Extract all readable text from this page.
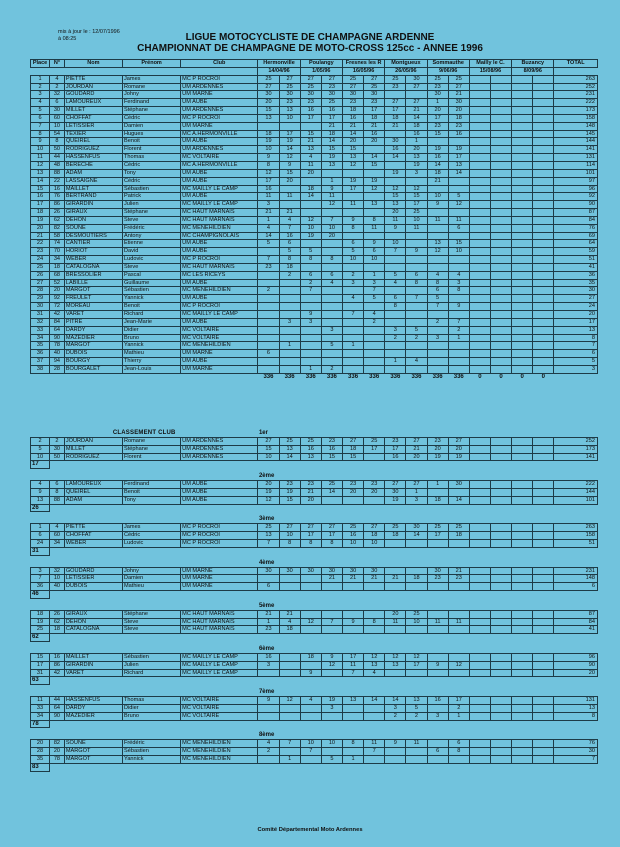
mis à jour le : 12/07/1996
à 08:25	LIGUE MOTOCYCLISTE DE CHAMPAGNE ARDENNE
CHAMPIONNAT DE CHAMPAGNE DE MOTO-CROSS 125cc - ANNEE 1996
Place	N°	Nom	Prénom	Club	Hermonville		Poulangy		Fresnes les R		Montgueux		Sommauthe		Mailly le C.		Buzancy		TOTAL
					14/04/96		1/05/96		16/05/96		26/05/96		9/06/96		15/08/96		8/09/96		
1	4	PIETTE	James	MC P ROCROI	25	27	27	27	25	27	25	30	25	25					263
2	2	JOURDAN	Romane	UM ARDENNES	27	25	25	23	27	25	23	27	23	27					252
3	32	GOUDARD	Johny	UM MARNE	30	30	30	30	30	30			30	21					231
4	6	LAMOUREUX	Ferdinand	UM AUBE	20	23	23	25	23	23	27	27	1	30					222
5	30	MILLET	Stéphane	UM ARDENNES	15	13	16	16	18	17	17	21	20	20					173
6	60	CHOFFAT	Cédric	MC P ROCROI	13	10	17	17	16	18	18	14	17	18					158
7	10	LETISSIER	Damien	UM MARNE				21	21	21	21	18	23	23					148
8	54	TEXIER	Hugues	MC A.HERMONVILLE	18	17	15	18	14	16		16	15	16					145
9	8	QUEIREL	Benoit	UM AUBE	19	19	21	14	20	20	30	1							144
10	50	RODRIGUEZ	Florent	UM ARDENNES	10	14	13	15	15		16	20	19	19					141
11	44	HASSENFUS	Thomas	MC VOLTAIRE	9	12	4	19	13	14	14	13	16	17					131
12	48	BERECHE	Cédric	MC A.HERMONVILLE	8	9	11	13	12	15		19	14	13					114
13	88	ADAM	Tony	UM AUBE	12	15	20				19	3	18	14					101
14	22	LASSAIGNE	Cédric	UM AUBE	17	20		1	19	19			21						97
15	16	MAILLET	Sébastien	MC MAILLY LE CAMP	16		18	9	17	12	12	12							96
16	76	BERTRAND	Patrick	UM AUBE	11	11	14	11			15	15	10	5					92
17	86	GIRARDIN	Julien	MC MAILLY LE CAMP	3			12	11	13	13	17	9	12					90
18	26	GIRAUX	Stéphane	MC HAUT MARNAIS	21	21					20	25							87
19	62	DEHON	Steve	MC HAUT MARNAIS	1	4	12	7	9	8	11	10	11	11					84
20	82	SOUNE	Frédéric	MC MENEHILDIEN	4	7	10	10	8	11	9	11		6					76
21	58	DESMOUTIERS	Antony	MC CHAMPIGNOLAIS	14	16	19	20											69
22	74	CANTIER	Etienne	UM AUBE	5	6			6	9	10		13	15					64
23	70	HORIOT	David	UM AUBE		5	5		5	6	7	9	12	10					59
24	34	WEBER	Ludovic	MC P ROCROI	7	8	8	8	10	10									51
25	18	CATALOGNA	Steve	MC HAUT MARNAIS	23	18													41
26	68	BRESSOLIER	Pascal	MC LES RICEYS		2	6	6	2	1	5	6	4	4					36
27	52	LABILLE	Guillaume	UM AUBE			2	4	3	3	4	8	8	3					35
28	20	MARGOT	Sébastien	MC MENEHILDIEN	2		7			7			6	8					30
29	92	FREULET	Yannick	UM AUBE					4	5	6	7	5						27
30	72	MOREAU	Benoit	MC P ROCROI							8		7	9					24
31	42	VARET	Richard	MC MAILLY LE CAMP			9		7	4									20
32	84	PITRE	Jean-Marie	UM AUBE		3	3			2			2	7					17
33	64	DARDY	Didier	MC VOLTAIRE				3			3	5		2					13
34	90	MAZEDIER	Bruno	MC VOLTAIRE							2	2	3	1					8
35	78	MARGOT	Yannick	MC MENEHILDIEN		1		5	1										7
36	40	DUBOIS	Mathieu	UM MARNE	6														6
37	94	BOURGY	Thierry	UM AUBE							1	4							5
38	28	BOURGALET	Jean-Louis	UM MARNE			1	2											3
					336	336	336	336	336	336	336	336	336	336	0	0	0	0	
CLASSEMENT CLUB					1er														
2	2	JOURDAN	Romane	UM ARDENNES	27	25	25	23	27	25	23	27	23	27					252
5	30	MILLET	Stéphane	UM ARDENNES	15	13	16	16	18	17	17	21	20	20					173
10	50	RODRIGUEZ	Florent	UM ARDENNES	10	14	13	15	15		16	20	19	19					141
17																			

					2ème														
4	6	LAMOUREUX	Ferdinand	UM AUBE	20	23	23	25	23	23	27	27	1	30					222
9	8	QUEIREL	Benoit	UM AUBE	19	19	21	14	20	20	30	1							144
13	88	ADAM	Tony	UM AUBE	12	15	20				19	3	18	14					101
26																			

					3ème														
1	4	PIETTE	James	MC P ROCROI	25	27	27	27	25	27	25	30	25	25					263
6	60	CHOFFAT	Cédric	MC P ROCROI	13	10	17	17	16	18	18	14	17	18					158
24	34	WEBER	Ludovic	MC P ROCROI	7	8	8	8	10	10									51
31																			

					4ème														
3	32	GOUDARD	Johny	UM MARNE	30	30	30	30	30	30			30	21					231
7	10	LETISSIER	Damien	UM MARNE				21	21	21	21	18	23	23					148
36	40	DUBOIS	Mathieu	UM MARNE	6														6
46																			

					5ème														
18	26	GIRAUX	Stéphane	MC HAUT MARNAIS	21	21					20	25							87
19	62	DEHON	Steve	MC HAUT MARNAIS	1	4	12	7	9	8	11	10	11	11					84
25	18	CATALOGNA	Steve	MC HAUT MARNAIS	23	18													41
62																			

					6ème														
15	16	MAILLET	Sébastien	MC MAILLY LE CAMP	16		18	9	17	12	12	12							96
17	86	GIRARDIN	Julien	MC MAILLY LE CAMP	3			12	11	13	13	17	9	12					90
31	42	VARET	Richard	MC MAILLY LE CAMP			9		7	4									20
63																			

					7ème														
11	44	HASSENFUS	Thomas	MC VOLTAIRE	9	12	4	19	13	14	14	13	16	17					131
33	64	DARDY	Didier	MC VOLTAIRE				3			3	5		2					13
34	90	MAZEDIER	Bruno	MC VOLTAIRE							2	2	3	1					8
78																			

					8ème														
20	82	SOUNE	Frédéric	MC MENEHILDIEN	4	7	10	10	8	11	9	11		6					76
28	20	MARGOT	Sébastien	MC MENEHILDIEN	2		7			7			6	8					30
35	78	MARGOT	Yannick	MC MENEHILDIEN		1		5	1										7
83																			

Comité Départemental Moto Ardennes
